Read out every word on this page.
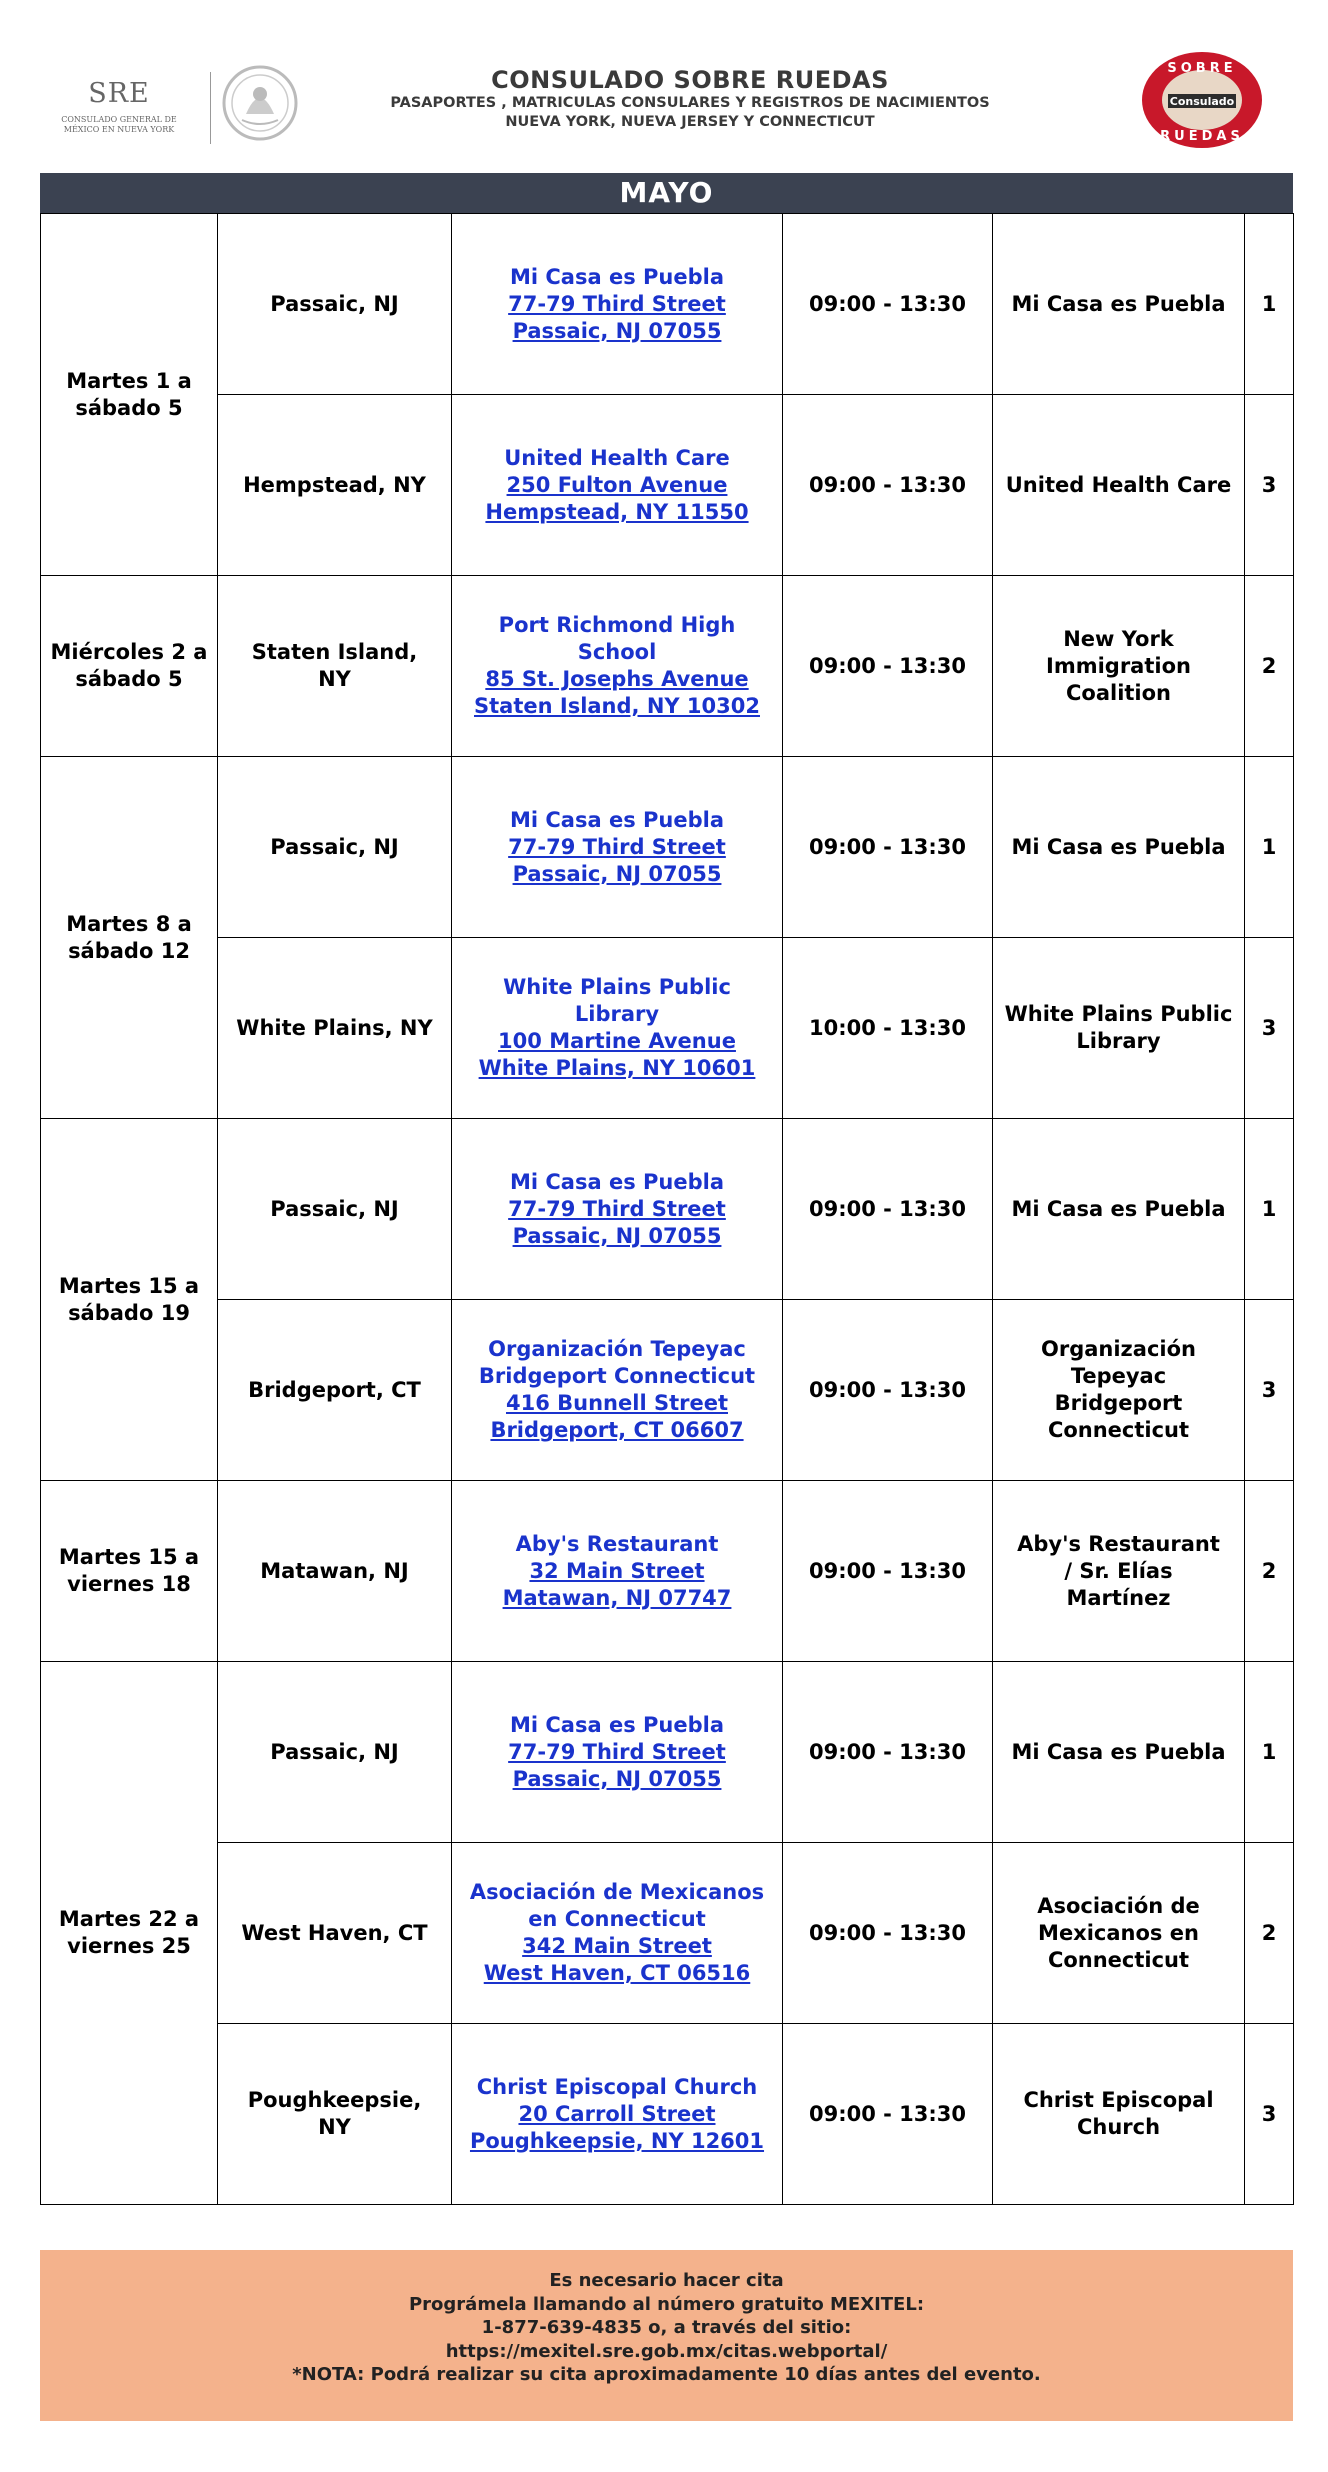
SRE
CONSULADO GENERAL DE
MÉXICO EN NUEVA YORK
CONSULADO SOBRE RUEDAS
PASAPORTES , MATRICULAS CONSULARES Y REGISTROS DE NACIMIENTOS
NUEVA YORK, NUEVA JERSEY Y CONNECTICUT
SOBRE
Consulado
RUEDAS
MAYO
Martes 1 a
sábado 5	Passaic, NJ	Mi Casa es Puebla
77-79 Third Street
Passaic, NJ 07055	09:00 - 13:30	Mi Casa es Puebla	1

	Hempstead, NY	United Health Care
250 Fulton Avenue
Hempstead, NY 11550	09:00 - 13:30	United Health Care	3

Miércoles 2 a
sábado 5	Staten Island,
NY	Port Richmond High
School
85 St. Josephs Avenue
Staten Island, NY 10302	09:00 - 13:30	New York
Immigration
Coalition	2

Martes 8 a
sábado 12	Passaic, NJ	Mi Casa es Puebla
77-79 Third Street
Passaic, NJ 07055	09:00 - 13:30	Mi Casa es Puebla	1

	White Plains, NY	White Plains Public
Library
100 Martine Avenue
White Plains, NY 10601	10:00 - 13:30	White Plains Public
Library	3

Martes 15 a
sábado 19	Passaic, NJ	Mi Casa es Puebla
77-79 Third Street
Passaic, NJ 07055	09:00 - 13:30	Mi Casa es Puebla	1

	Bridgeport, CT	Organización Tepeyac
Bridgeport Connecticut
416 Bunnell Street
Bridgeport, CT 06607	09:00 - 13:30	Organización
Tepeyac
Bridgeport
Connecticut	3

Martes 15 a
viernes 18	Matawan, NJ	Aby's Restaurant
32 Main Street
Matawan, NJ 07747	09:00 - 13:30	Aby's Restaurant
/ Sr. Elías
Martínez	2

Martes 22 a
viernes 25	Passaic, NJ	Mi Casa es Puebla
77-79 Third Street
Passaic, NJ 07055	09:00 - 13:30	Mi Casa es Puebla	1

	West Haven, CT	Asociación de Mexicanos
en Connecticut
342 Main Street
West Haven, CT 06516	09:00 - 13:30	Asociación de
Mexicanos en
Connecticut	2

	Poughkeepsie,
NY	Christ Episcopal Church
20 Carroll Street
Poughkeepsie, NY 12601	09:00 - 13:30	Christ Episcopal
Church	3
Es necesario hacer cita
Prográmela llamando al número gratuito MEXITEL:
1-877-639-4835 o, a través del sitio:
https://mexitel.sre.gob.mx/citas.webportal/
*NOTA: Podrá realizar su cita aproximadamente 10 días antes del evento.
